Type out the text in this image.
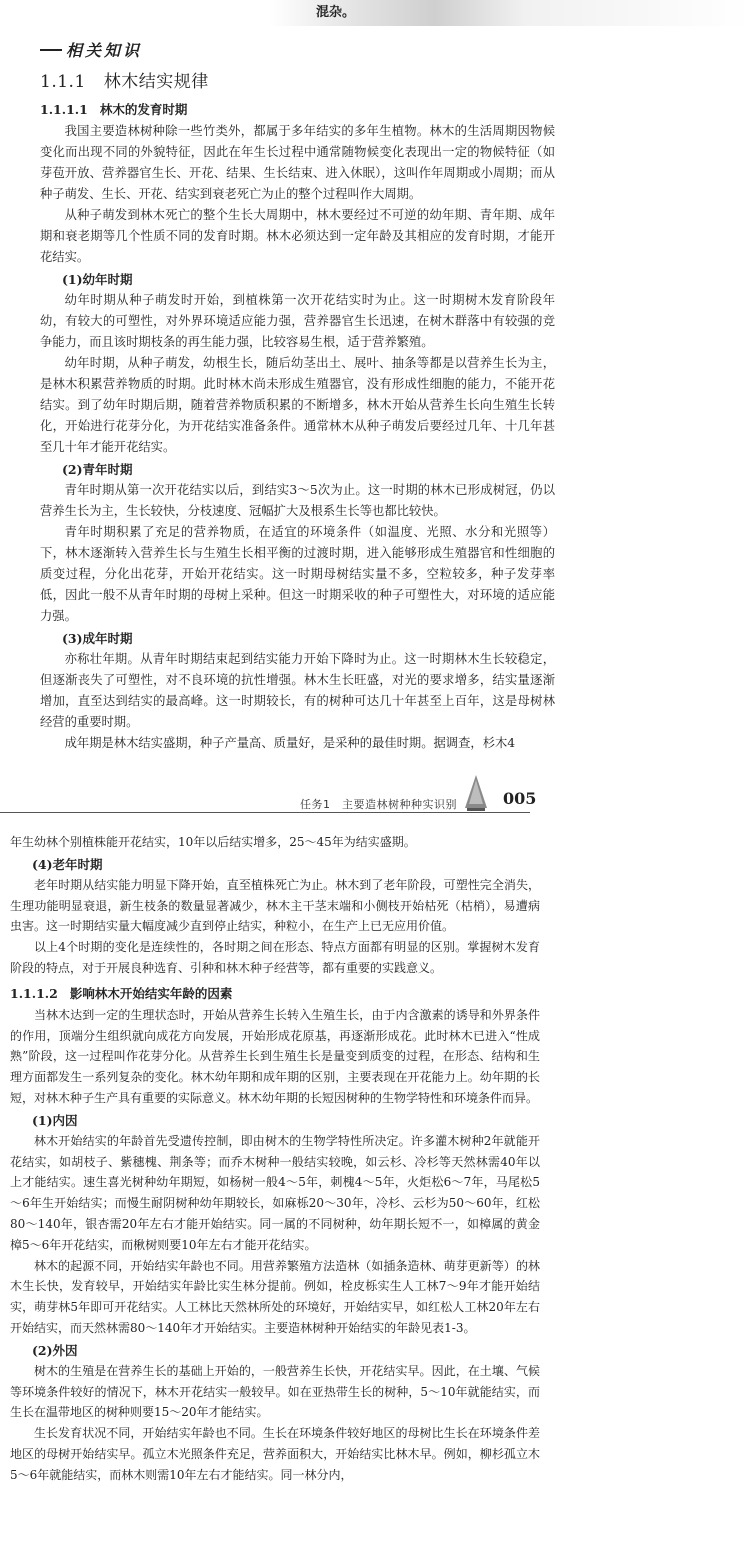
混杂。
相关知识
1.1.1 林木结实规律
1.1.1.1 林木的发育时期

我国主要造林树种除一些竹类外，都属于多年结实的多年生植物。林木的生活周期因物候变化而出现不同的外貌特征，因此在年生长过程中通常随物候变化表现出一定的物候特征（如芽苞开放、营养器官生长、开花、结果、生长结束、进入休眠），这叫作年周期或小周期；而从种子萌发、生长、开花、结实到衰老死亡为止的整个过程叫作大周期。

从种子萌发到林木死亡的整个生长大周期中，林木要经过不可逆的幼年期、青年期、成年期和衰老期等几个性质不同的发育时期。林木必须达到一定年龄及其相应的发育时期，才能开花结实。

(1)幼年时期

幼年时期从种子萌发时开始，到植株第一次开花结实时为止。这一时期树木发育阶段年幼，有较大的可塑性，对外界环境适应能力强，营养器官生长迅速，在树木群落中有较强的竞争能力，而且该时期枝条的再生能力强，比较容易生根，适于营养繁殖。

幼年时期，从种子萌发，幼根生长，随后幼茎出土、展叶、抽条等都是以营养生长为主，是林木积累营养物质的时期。此时林木尚未形成生殖器官，没有形成性细胞的能力，不能开花结实。到了幼年时期后期，随着营养物质积累的不断增多，林木开始从营养生长向生殖生长转化，开始进行花芽分化，为开花结实准备条件。通常林木从种子萌发后要经过几年、十几年甚至几十年才能开花结实。

(2)青年时期

青年时期从第一次开花结实以后，到结实3～5次为止。这一时期的林木已形成树冠，仍以营养生长为主，生长较快，分枝速度、冠幅扩大及根系生长等也都比较快。

青年时期积累了充足的营养物质，在适宜的环境条件（如温度、光照、水分和光照等）下，林木逐渐转入营养生长与生殖生长相平衡的过渡时期，进入能够形成生殖器官和性细胞的质变过程，分化出花芽，开始开花结实。这一时期母树结实量不多，空粒较多，种子发芽率低，因此一般不从青年时期的母树上采种。但这一时期采收的种子可塑性大，对环境的适应能力强。

(3)成年时期

亦称壮年期。从青年时期结束起到结实能力开始下降时为止。这一时期林木生长较稳定，但逐渐丧失了可塑性，对不良环境的抗性增强。林木生长旺盛，对光的要求增多，结实量逐渐增加，直至达到结实的最高峰。这一时期较长，有的树种可达几十年甚至上百年，这是母树林经营的重要时期。

成年期是林木结实盛期，种子产量高、质量好，是采种的最佳时期。据调查，杉木4

任务1　主要造林树种种实识别	005

年生幼林个别植株能开花结实，10年以后结实增多，25～45年为结实盛期。

(4)老年时期

老年时期从结实能力明显下降开始，直至植株死亡为止。林木到了老年阶段，可塑性完全消失，生理功能明显衰退，新生枝条的数量显著减少，林木主干茎末端和小侧枝开始枯死（枯梢），易遭病虫害。这一时期结实量大幅度减少直到停止结实，种粒小，在生产上已无应用价值。

以上4个时期的变化是连续性的，各时期之间在形态、特点方面都有明显的区别。掌握树木发育阶段的特点，对于开展良种选育、引种和林木种子经营等，都有重要的实践意义。

1.1.1.2 影响林木开始结实年龄的因素

当林木达到一定的生理状态时，开始从营养生长转入生殖生长，由于内含激素的诱导和外界条件的作用，顶端分生组织就向成花方向发展，开始形成花原基，再逐渐形成花。此时林木已进入“性成熟”阶段，这一过程叫作花芽分化。从营养生长到生殖生长是量变到质变的过程，在形态、结构和生理方面都发生一系列复杂的变化。林木幼年期和成年期的区别，主要表现在开花能力上。幼年期的长短，对林木种子生产具有重要的实际意义。林木幼年期的长短因树种的生物学特性和环境条件而异。

(1)内因

林木开始结实的年龄首先受遗传控制，即由树木的生物学特性所决定。许多灌木树种2年就能开花结实，如胡枝子、紫穗槐、荆条等；而乔木树种一般结实较晚，如云杉、冷杉等天然林需40年以上才能结实。速生喜光树种幼年期短，如杨树一般4～5年，刺槐4～5年，火炬松6～7年，马尾松5～6年生开始结实；而慢生耐阴树种幼年期较长，如麻栎20～30年，冷杉、云杉为50～60年，红松80～140年，银杏需20年左右才能开始结实。同一属的不同树种，幼年期长短不一，如樟属的黄金樟5～6年开花结实，而楸树则要10年左右才能开花结实。

林木的起源不同，开始结实年龄也不同。用营养繁殖方法造林（如插条造林、萌芽更新等）的林木生长快，发育较早，开始结实年龄比实生林分提前。例如，栓皮栎实生人工林7～9年才能开始结实，萌芽林5年即可开花结实。人工林比天然林所处的环境好，开始结实早，如红松人工林20年左右开始结实，而天然林需80～140年才开始结实。主要造林树种开始结实的年龄见表1-3。

(2)外因

树木的生殖是在营养生长的基础上开始的，一般营养生长快，开花结实早。因此，在土壤、气候等环境条件较好的情况下，林木开花结实一般较早。如在亚热带生长的树种，5～10年就能结实，而生长在温带地区的树种则要15～20年才能结实。

生长发育状况不同，开始结实年龄也不同。生长在环境条件较好地区的母树比生长在环境条件差地区的母树开始结实早。孤立木光照条件充足，营养面积大，开始结实比林木早。例如，柳杉孤立木5～6年就能结实，而林木则需10年左右才能结实。同一林分内，
